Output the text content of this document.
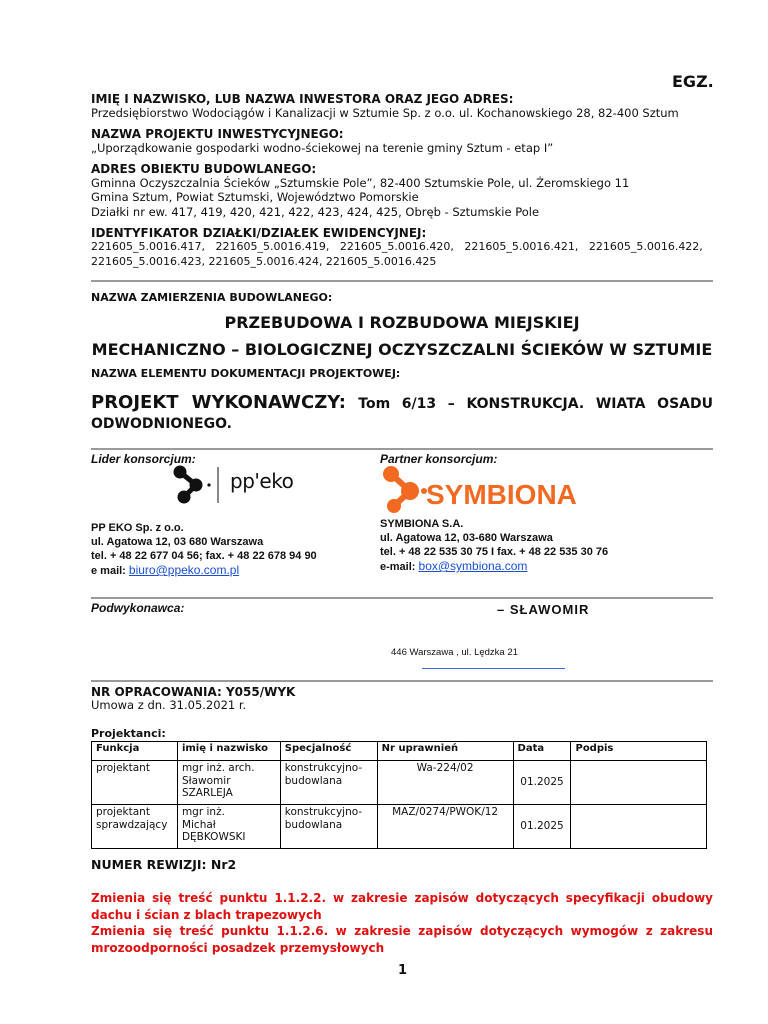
EGZ.
IMIĘ I NAZWISKO, LUB NAZWA INWESTORA ORAZ JEGO ADRES:
Przedsiębiorstwo Wodociągów i Kanalizacji w Sztumie Sp. z o.o. ul. Kochanowskiego 28, 82-400 Sztum
NAZWA PROJEKTU INWESTYCYJNEGO:
„Uporządkowanie gospodarki wodno-ściekowej na terenie gminy Sztum - etap I”
ADRES OBIEKTU BUDOWLANEGO:
Gminna Oczyszczalnia Ścieków „Sztumskie Pole”, 82-400 Sztumskie Pole, ul. Żeromskiego 11
Gmina Sztum, Powiat Sztumski, Województwo Pomorskie
Działki nr ew. 417, 419, 420, 421, 422, 423, 424, 425, Obręb - Sztumskie Pole
IDENTYFIKATOR DZIAŁKI/DZIAŁEK EWIDENCYJNEJ:
221605_5.0016.417,   221605_5.0016.419,   221605_5.0016.420,   221605_5.0016.421,   221605_5.0016.422,
221605_5.0016.423, 221605_5.0016.424, 221605_5.0016.425
NAZWA ZAMIERZENIA BUDOWLANEGO:
PRZEBUDOWA I ROZBUDOWA MIEJSKIEJ
MECHANICZNO – BIOLOGICZNEJ OCZYSZCZALNI ŚCIEKÓW W SZTUMIE
NAZWA ELEMENTU DOKUMENTACJI PROJEKTOWEJ:
PROJEKT WYKONAWCZY: Tom 6/13 – KONSTRUKCJA. WIATA OSADU
ODWODNIONEGO.
Lider konsorcjum:
pp'eko
PP EKO Sp. z o.o.
ul. Agatowa 12, 03 680 Warszawa
tel. + 48 22 677 04 56; fax. + 48 22 678 94 90
e mail: biuro@ppeko.com.pl
Partner konsorcjum:
SYMBIONA
SYMBIONA S.A.
ul. Agatowa 12, 03-680 Warszawa
tel. + 48 22 535 30 75 I fax. + 48 22 535 30 76
e-mail: box@symbiona.com
Podwykonawca:	– SŁAWOMIR
446 Warszawa , ul. Lędzka 21
NR OPRACOWANIA: Y055/WYK
Umowa z dn. 31.05.2021 r.
Projektanci:
Funkcja	imię i nazwisko	Specjalność	Nr uprawnień	Data	Podpis
projektant	mgr inż. arch.
Sławomir
SZARLEJA	konstrukcyjno-
budowlana	Wa-224/02	01.2025	
projektant
sprawdzający	mgr inż.
Michał
DĘBKOWSKI	konstrukcyjno-
budowlana	MAZ/0274/PWOK/12	01.2025	
NUMER REWIZJI: Nr2
Zmienia się treść punktu 1.1.2.2. w zakresie zapisów dotyczących specyfikacji obudowy dachu i ścian z blach trapezowych
Zmienia się treść punktu 1.1.2.6. w zakresie zapisów dotyczących wymogów z zakresu mrozoodporności posadzek przemysłowych
1
